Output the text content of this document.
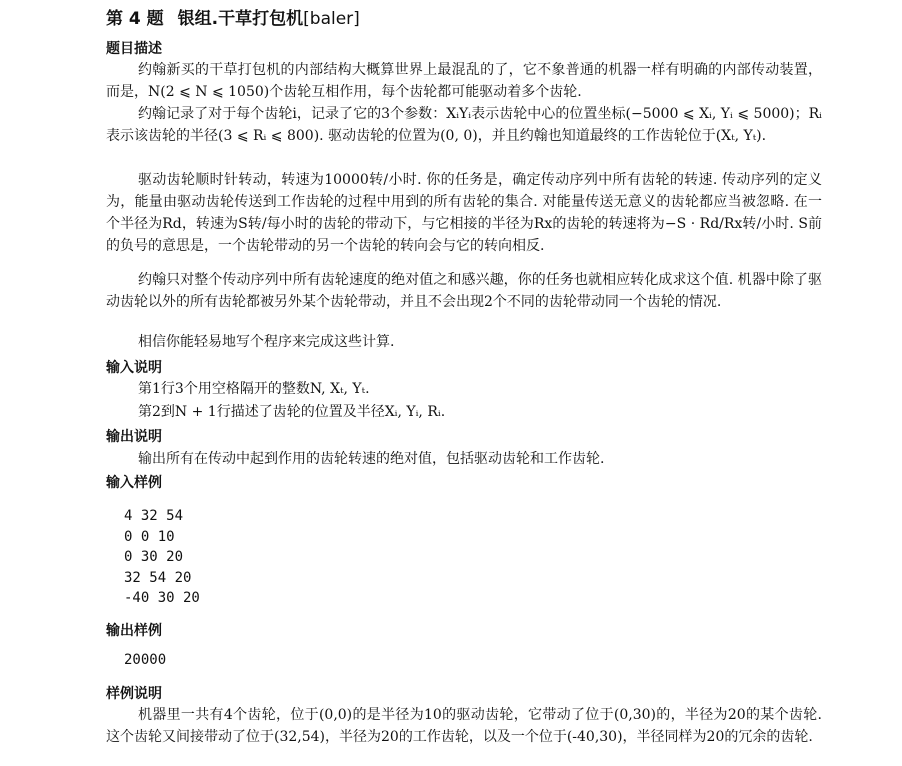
第 4 题 银组.干草打包机[baler]
题目描述
约翰新买的干草打包机的内部结构大概算世界上最混乱的了，它不象普通的机器一样有明确的内部传动装置，而是，N(2 ⩽ N ⩽ 1050)个齿轮互相作用，每个齿轮都可能驱动着多个齿轮.
约翰记录了对于每个齿轮i，记录了它的3个参数：XᵢYᵢ表示齿轮中心的位置坐标(−5000 ⩽ Xᵢ, Yᵢ ⩽ 5000)；Rᵢ表示该齿轮的半径(3 ⩽ Rᵢ ⩽ 800). 驱动齿轮的位置为(0, 0)，并且约翰也知道最终的工作齿轮位于(Xₜ, Yₜ).
驱动齿轮顺时针转动，转速为10000转/小时. 你的任务是，确定传动序列中所有齿轮的转速. 传动序列的定义为，能量由驱动齿轮传送到工作齿轮的过程中用到的所有齿轮的集合. 对能量传送无意义的齿轮都应当被忽略. 在一个半径为Rd，转速为S转/每小时的齿轮的带动下，与它相接的半径为Rx的齿轮的转速将为−S · Rd/Rx转/小时. S前的负号的意思是，一个齿轮带动的另一个齿轮的转向会与它的转向相反.
约翰只对整个传动序列中所有齿轮速度的绝对值之和感兴趣，你的任务也就相应转化成求这个值. 机器中除了驱动齿轮以外的所有齿轮都被另外某个齿轮带动，并且不会出现2个不同的齿轮带动同一个齿轮的情况.
相信你能轻易地写个程序来完成这些计算.
输入说明
第1行3个用空格隔开的整数N, Xₜ, Yₜ.
第2到N + 1行描述了齿轮的位置及半径Xᵢ, Yᵢ, Rᵢ.
输出说明
输出所有在传动中起到作用的齿轮转速的绝对值，包括驱动齿轮和工作齿轮.
输入样例
4 32 54
0 0 10
0 30 20
32 54 20
-40 30 20
输出样例
20000
样例说明
机器里一共有4个齿轮，位于(0,0)的是半径为10的驱动齿轮，它带动了位于(0,30)的，半径为20的某个齿轮. 这个齿轮又间接带动了位于(32,54)，半径为20的工作齿轮，以及一个位于(-40,30)，半径同样为20的冗余的齿轮.
